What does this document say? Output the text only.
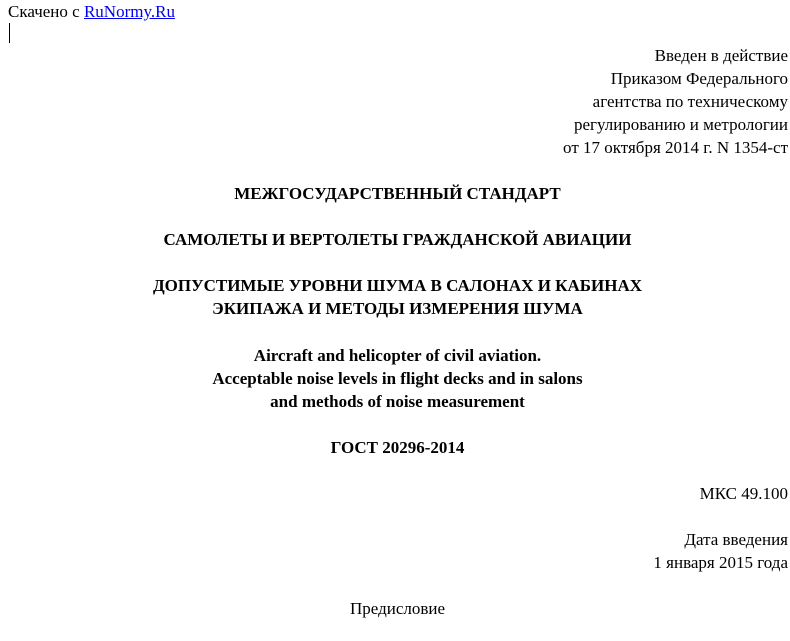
Скачено с RuNormy.Ru
Введен в действие
Приказом Федерального
агентства по техническому
регулированию и метрологии
от 17 октября 2014 г. N 1354-ст
МЕЖГОСУДАРСТВЕННЫЙ СТАНДАРТ
САМОЛЕТЫ И ВЕРТОЛЕТЫ ГРАЖДАНСКОЙ АВИАЦИИ
ДОПУСТИМЫЕ УРОВНИ ШУМА В САЛОНАХ И КАБИНАХ
ЭКИПАЖА И МЕТОДЫ ИЗМЕРЕНИЯ ШУМА
Aircraft and helicopter of civil aviation.
Acceptable noise levels in flight decks and in salons
and methods of noise measurement
ГОСТ 20296-2014
МКС 49.100
Дата введения
1 января 2015 года
Предисловие
